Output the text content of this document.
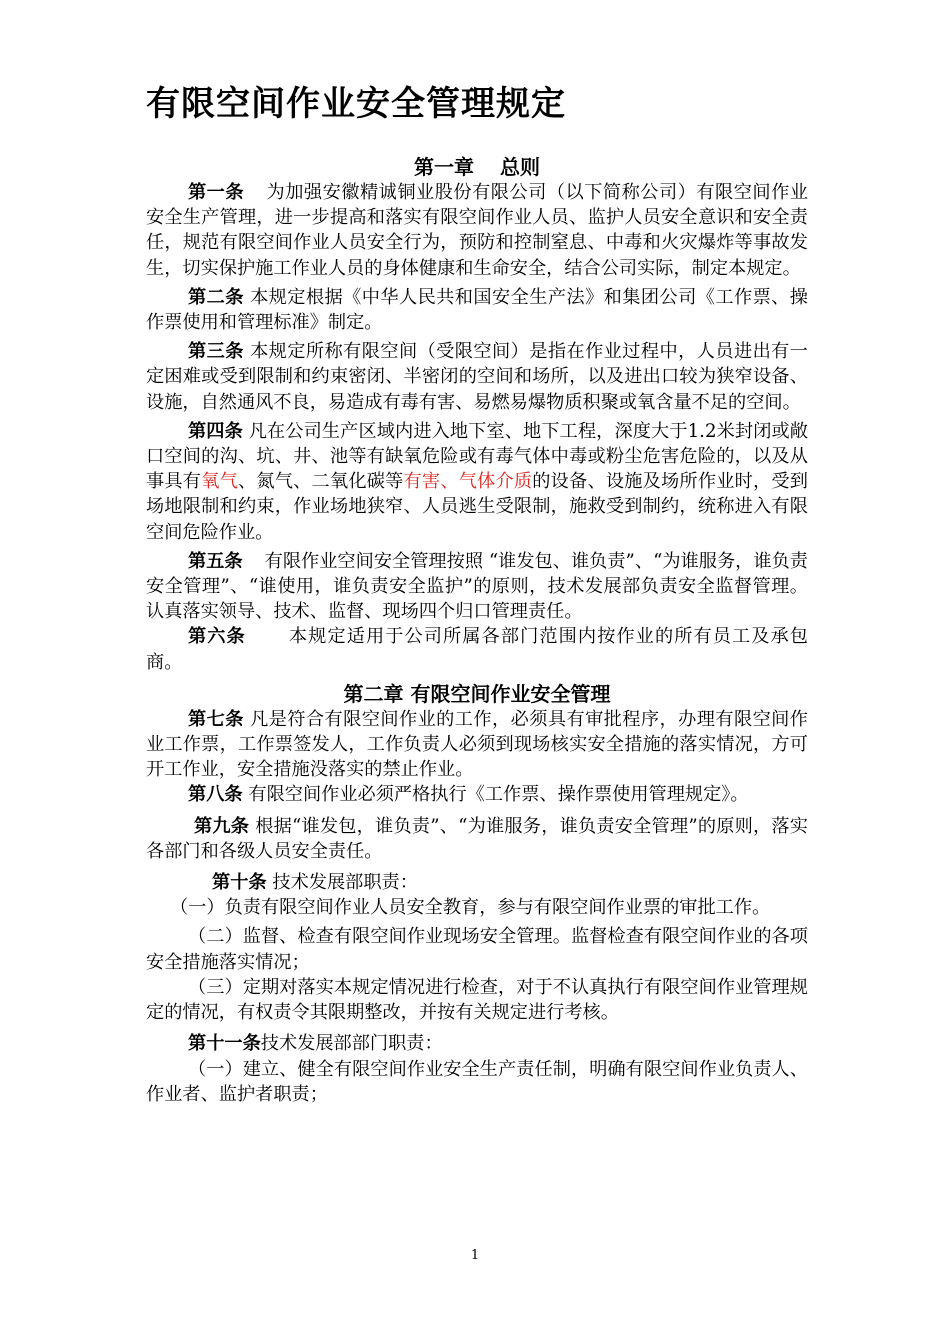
有限空间作业安全管理规定

第一章 总则

第一条 为加强安徽精诚铜业股份有限公司（以下简称公司）有限空间作业安全生产管理，进一步提高和落实有限空间作业人员、监护人员安全意识和安全责任，规范有限空间作业人员安全行为，预防和控制窒息、中毒和火灾爆炸等事故发生，切实保护施工作业人员的身体健康和生命安全，结合公司实际，制定本规定。

第二条 本规定根据《中华人民共和国安全生产法》和集团公司《工作票、操作票使用和管理标准》制定。

第三条 本规定所称有限空间（受限空间）是指在作业过程中，人员进出有一定困难或受到限制和约束密闭、半密闭的空间和场所，以及进出口较为狭窄设备、设施，自然通风不良，易造成有毒有害、易燃易爆物质积聚或氧含量不足的空间。

第四条 凡在公司生产区域内进入地下室、地下工程，深度大于1.2米封闭或敞口空间的沟、坑、井、池等有缺氧危险或有毒气体中毒或粉尘危害危险的，以及从事具有氧气、氮气、二氧化碳等有害、气体介质的设备、设施及场所作业时，受到场地限制和约束，作业场地狭窄、人员逃生受限制，施救受到制约，统称进入有限空间危险作业。

第五条 有限作业空间安全管理按照 “谁发包、谁负责”、“为谁服务，谁负责安全管理”、“谁使用，谁负责安全监护”的原则，技术发展部负责安全监督管理。认真落实领导、技术、监督、现场四个归口管理责任。

第六条 本规定适用于公司所属各部门范围内按作业的所有员工及承包商。

第二章 有限空间作业安全管理

第七条 凡是符合有限空间作业的工作，必须具有审批程序，办理有限空间作业工作票，工作票签发人，工作负责人必须到现场核实安全措施的落实情况，方可开工作业，安全措施没落实的禁止作业。

第八条 有限空间作业必须严格执行《工作票、操作票使用管理规定》。

第九条 根据“谁发包，谁负责”、“为谁服务，谁负责安全管理”的原则，落实各部门和各级人员安全责任。

第十条 技术发展部职责：

（一）负责有限空间作业人员安全教育，参与有限空间作业票的审批工作。

（二）监督、检查有限空间作业现场安全管理。监督检查有限空间作业的各项安全措施落实情况；

（三）定期对落实本规定情况进行检查，对于不认真执行有限空间作业管理规定的情况，有权责令其限期整改，并按有关规定进行考核。

第十一条技术发展部部门职责：

（一）建立、健全有限空间作业安全生产责任制，明确有限空间作业负责人、作业者、监护者职责；

1
